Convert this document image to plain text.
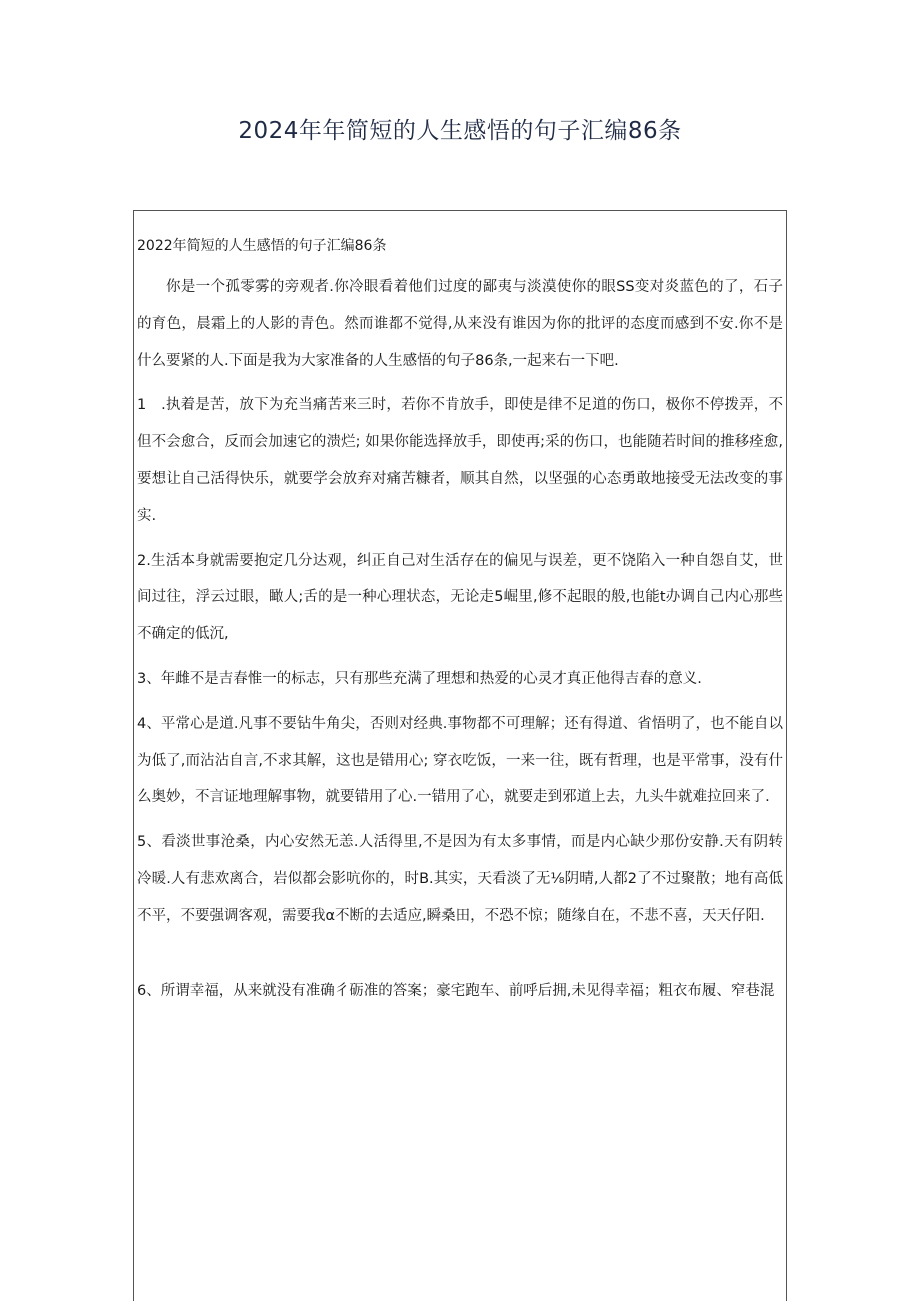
2024年年简短的人生感悟的句子汇编86条

2022年简短的人生感悟的句子汇编86条

你是一个孤零雾的旁观者.你冷眼看着他们过度的鄙夷与淡漠使你的眼SS变对炎蓝色的了，石子的育色，晨霜上的人影的青色。然而谁都不觉得,从来没有谁因为你的批评的态度而感到不安.你不是什么要紧的人.下面是我为大家准备的人生感悟的句子86条,一起来右一下吧.

1　.执着是苦，放下为充当痛苦来三时，若你不肯放手，即使是律不足道的伤口，极你不停拨弄，不但不会愈合，反而会加速它的溃烂; 如果你能选择放手，即使再;采的伤口，也能随若时间的推移痊愈,要想让自己活得快乐，就要学会放弃对痛苦糠者，顺其自然，以坚强的心态勇敢地接受无法改变的事实.

2.生活本身就需要抱定几分达观，纠正自己对生活存在的偏见与误差，更不饶陷入一种自怨自艾，世间过往，浮云过眼，瞰人;舌的是一种心理状态，无论走5崛里,修不起眼的般,也能t办调自己内心那些不确定的低沉,

3、年雌不是吉春惟一的标志，只有那些充满了理想和热爱的心灵才真正他得吉春的意义.

4、平常心是道.凡事不要钻牛角尖，否则对经典.事物都不可理解；还有得道、省悟明了，也不能自以为低了,而沾沾自言,不求其解，这也是错用心; 穿衣吃饭，一来一往，既有哲理，也是平常事，没有什么奥妙，不言证地理解事物，就要错用了心.一错用了心，就要走到邪道上去，九头牛就难拉回来了.

5、看淡世事沧桑，内心安然无恙.人活得里,不是因为有太多事情，而是内心缺少那份安静.天有阴转冷暖.人有悲欢离合，岩似都会影吭你的，时B.其实，天看淡了无⅛阴晴,人都2了不过聚散；地有高低不平，不要强调客观，需要我α不断的去适应,瞬桑田，不恐不惊；随缘自在，不悲不喜，天天仔阳.

6、所谓幸福，从来就没有准确彳砺准的答案；豪宅跑车、前呼后拥,未见得幸福；粗衣布履、窄巷混
